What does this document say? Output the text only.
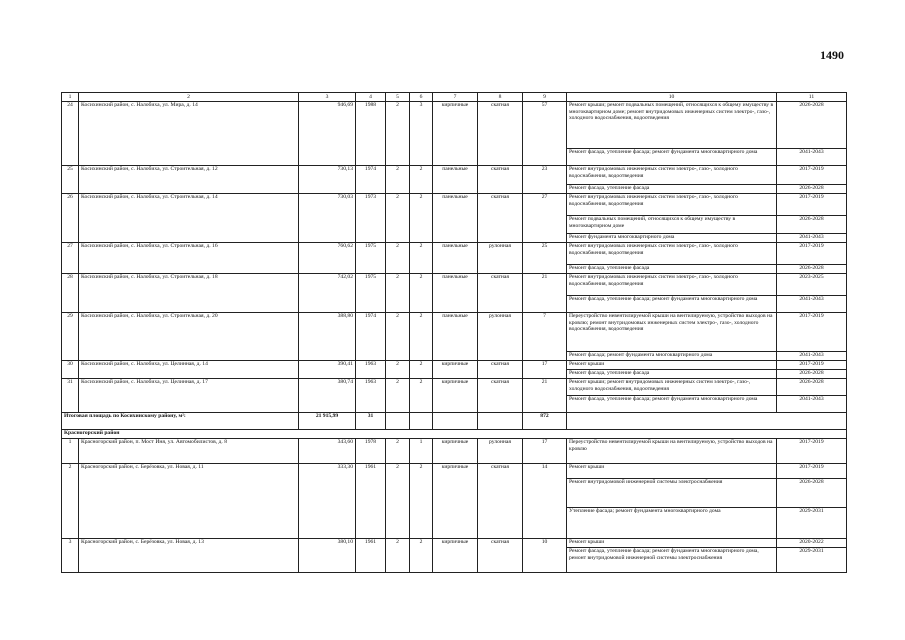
1490
1	2	3	4	5	6	7	8	9	10	11
24	Косихинский район, с. Налобиха, ул. Мира, д. 14	946,69	1988	2	3	кирпичные	скатная	57	Ремонт крыши; ремонт подвальных помещений, относящихся к общему имуществу в многоквартирном доме; ремонт внутридомовых инженерных систем электро-, газо-, холодного водоснабжения, водоотведения	2026-2028
									Ремонт фасада, утепление фасада; ремонт фундамента многоквартирного дома	2041-2043
25	Косихинский район, с. Налобиха, ул. Строительная, д. 12	730,13	1974	2	2	панельные	скатная	23	Ремонт внутридомовых инженерных систем электро-, газо-, холодного водоснабжения, водоотведения	2017-2019
									Ремонт фасада, утепление фасада	2026-2028
26	Косихинский район, с. Налобиха, ул. Строительная, д. 14	730,03	1973	2	2	панельные	скатная	27	Ремонт внутридомовых инженерных систем электро-, газо-, холодного водоснабжения, водоотведения	2017-2019
									Ремонт подвальных помещений, относящихся к общему имуществу в многоквартирном доме	2026-2028
									Ремонт фундамента многоквартирного дома	2041-2043
27	Косихинский район, с. Налобиха, ул. Строительная, д. 16	760,62	1975	2	2	панельные	рулонная	25	Ремонт внутридомовых инженерных систем электро-, газо-, холодного водоснабжения, водоотведения	2017-2019
									Ремонт фасада, утепление фасада	2026-2028
28	Косихинский район, с. Налобиха, ул. Строительная, д. 18	742,02	1975	2	2	панельные	скатная	21	Ремонт внутридомовых инженерных систем электро-, газо-, холодного водоснабжения, водоотведения	2023-2025
									Ремонт фасада, утепление фасада; ремонт фундамента многоквартирного дома	2041-2043
29	Косихинский район, с. Налобиха, ул. Строительная, д. 20	388,80	1974	2	2	панельные	рулонная	7	Переустройство невентилируемой крыши на вентилируемую, устройство выходов на кровлю; ремонт внутридомовых инженерных систем электро-, газо-, холодного водоснабжения, водоотведения	2017-2019
									Ремонт фасада; ремонт фундамента многоквартирного дома	2041-2043
30	Косихинский район, с. Налобиха, ул. Целинная, д. 14	390,41	1963	2	2	кирпичные	скатная	17	Ремонт крыши	2017-2019
									Ремонт фасада, утепление фасада	2026-2028
31	Косихинский район, с. Налобиха, ул. Целинная, д. 17	380,74	1963	2	2	кирпичные	скатная	21	Ремонт крыши; ремонт внутридомовых инженерных систем электро-, газо-, холодного водоснабжения, водоотведения	2026-2028
									Ремонт фасада, утепление фасада; ремонт фундамента многоквартирного дома	2041-2043
Итоговая площадь по Косихинскому району, м²:		21 915,99	31					872		
Красногорский район										
1	Красногорский район, п. Мост Иня, ул. Автомобилистов, д. 8	343,60	1978	2	1	кирпичные	рулонная	17	Переустройство невентилируемой крыши на вентилируемую, устройство выходов на кровлю	2017-2019
2	Красногорский район, с. Берёзовка, ул. Новая, д. 11	333,30	1961	2	2	кирпичные	скатная	14	Ремонт крыши	2017-2019
									Ремонт внутридомовой инженерной системы электроснабжения	2026-2028
									Утепление фасада; ремонт фундамента многоквартирного дома	2029-2031
3	Красногорский район, с. Берёзовка, ул. Новая, д. 13	380,10	1961	2	2	кирпичные	скатная	10	Ремонт крыши	2020-2022
									Ремонт фасада, утепление фасада; ремонт фундамента многоквартирного дома, ремонт внутридомовой инженерной системы электроснабжения	2029-2031
